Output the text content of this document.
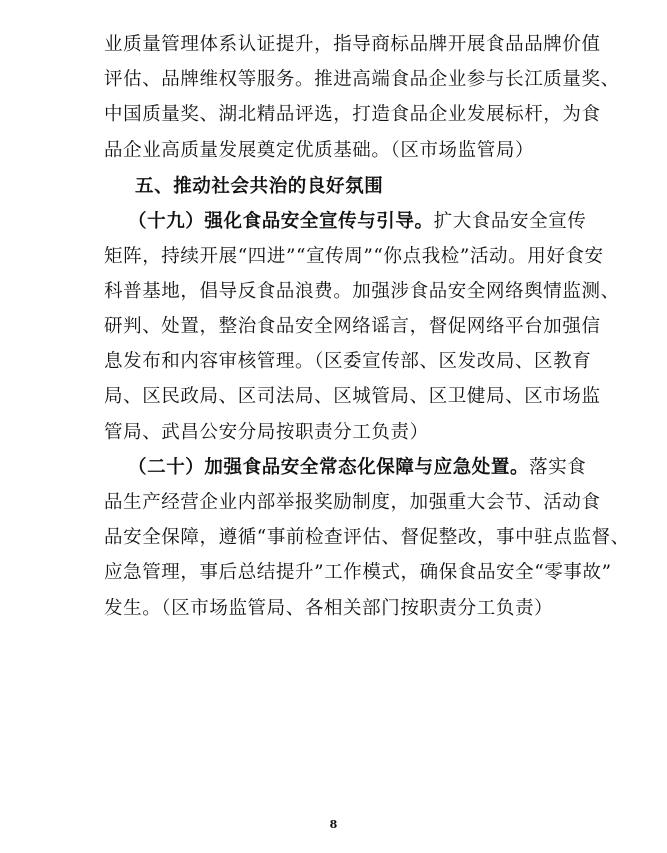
业质量管理体系认证提升，指导商标品牌开展食品品牌价值
评估、品牌维权等服务。推进高端食品企业参与长江质量奖、
中国质量奖、湖北精品评选，打造食品企业发展标杆，为食
品企业高质量发展奠定优质基础。（区市场监管局）
五、推动社会共治的良好氛围
（十九）强化食品安全宣传与引导。扩大食品安全宣传
矩阵，持续开展“四进”“宣传周”“你点我检”活动。用好食安
科普基地，倡导反食品浪费。加强涉食品安全网络舆情监测、
研判、处置，整治食品安全网络谣言，督促网络平台加强信
息发布和内容审核管理。（区委宣传部、区发改局、区教育
局、区民政局、区司法局、区城管局、区卫健局、区市场监
管局、武昌公安分局按职责分工负责）
（二十）加强食品安全常态化保障与应急处置。落实食
品生产经营企业内部举报奖励制度，加强重大会节、活动食
品安全保障，遵循“事前检查评估、督促整改，事中驻点监督、
应急管理，事后总结提升”工作模式，确保食品安全“零事故”
发生。（区市场监管局、各相关部门按职责分工负责）
8
